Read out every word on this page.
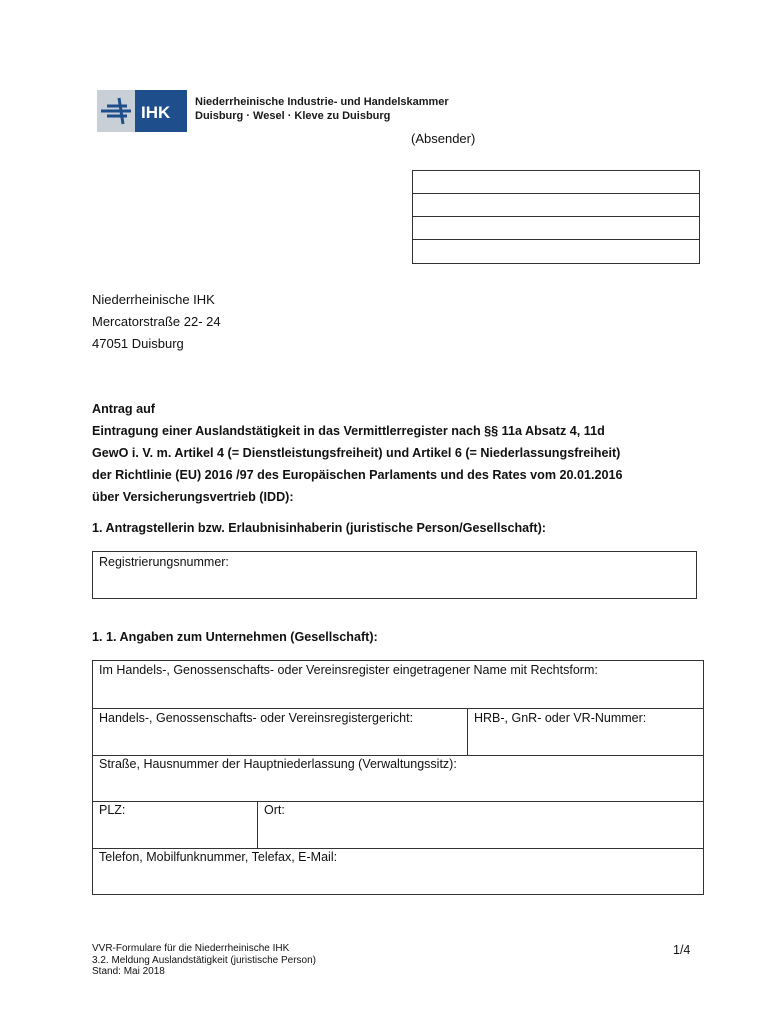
IHK
Niederrheinische Industrie- und Handelskammer
Duisburg · Wesel · Kleve zu Duisburg
(Absender)
Niederrheinische IHK
Mercatorstraße 22- 24
47051 Duisburg
Antrag auf
Eintragung einer Auslandstätigkeit in das Vermittlerregister nach §§ 11a Absatz 4, 11d
GewO i. V. m. Artikel 4 (= Dienstleistungsfreiheit) und Artikel 6 (= Niederlassungsfreiheit)
der Richtlinie (EU) 2016 /97 des Europäischen Parlaments und des Rates vom 20.01.2016
über Versicherungsvertrieb (IDD):
1. Antragstellerin bzw. Erlaubnisinhaberin (juristische Person/Gesellschaft):
Registrierungsnummer:
1. 1. Angaben zum Unternehmen (Gesellschaft):
Im Handels-, Genossenschafts- oder Vereinsregister eingetragener Name mit Rechtsform:
Handels-, Genossenschafts- oder Vereinsregistergericht:	HRB-, GnR- oder VR-Nummer:
Straße, Hausnummer der Hauptniederlassung (Verwaltungssitz):
PLZ:	Ort:
Telefon, Mobilfunknummer, Telefax, E-Mail:
VVR-Formulare für die Niederrheinische IHK
3.2. Meldung Auslandstätigkeit (juristische Person)
Stand: Mai 2018
1/4
